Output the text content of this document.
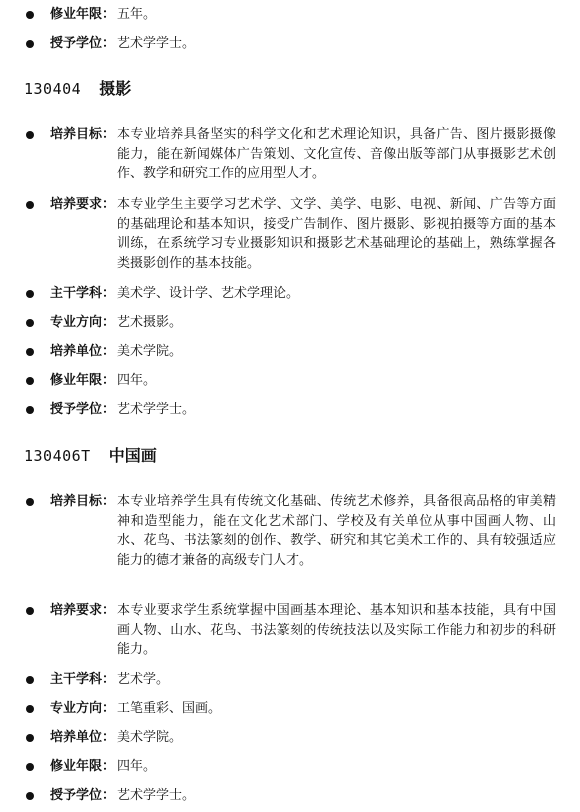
修业年限： 五年。
授予学位： 艺术学学士。
130404 摄影
培养目标： 本专业培养具备坚实的科学文化和艺术理论知识，具备广告、图片摄影摄像能力，能在新闻媒体广告策划、文化宣传、音像出版等部门从事摄影艺术创作、教学和研究工作的应用型人才。
培养要求： 本专业学生主要学习艺术学、文学、美学、电影、电视、新闻、广告等方面的基础理论和基本知识，接受广告制作、图片摄影、影视拍摄等方面的基本训练，在系统学习专业摄影知识和摄影艺术基础理论的基础上，熟练掌握各类摄影创作的基本技能。
主干学科： 美术学、设计学、艺术学理论。
专业方向： 艺术摄影。
培养单位： 美术学院。
修业年限： 四年。
授予学位： 艺术学学士。
130406T 中国画
培养目标： 本专业培养学生具有传统文化基础、传统艺术修养，具备很高品格的审美精神和造型能力，能在文化艺术部门、学校及有关单位从事中国画人物、山水、花鸟、书法篆刻的创作、教学、研究和其它美术工作的、具有较强适应能力的德才兼备的高级专门人才。
培养要求： 本专业要求学生系统掌握中国画基本理论、基本知识和基本技能，具有中国画人物、山水、花鸟、书法篆刻的传统技法以及实际工作能力和初步的科研能力。
主干学科： 艺术学。
专业方向： 工笔重彩、国画。
培养单位： 美术学院。
修业年限： 四年。
授予学位： 艺术学学士。
